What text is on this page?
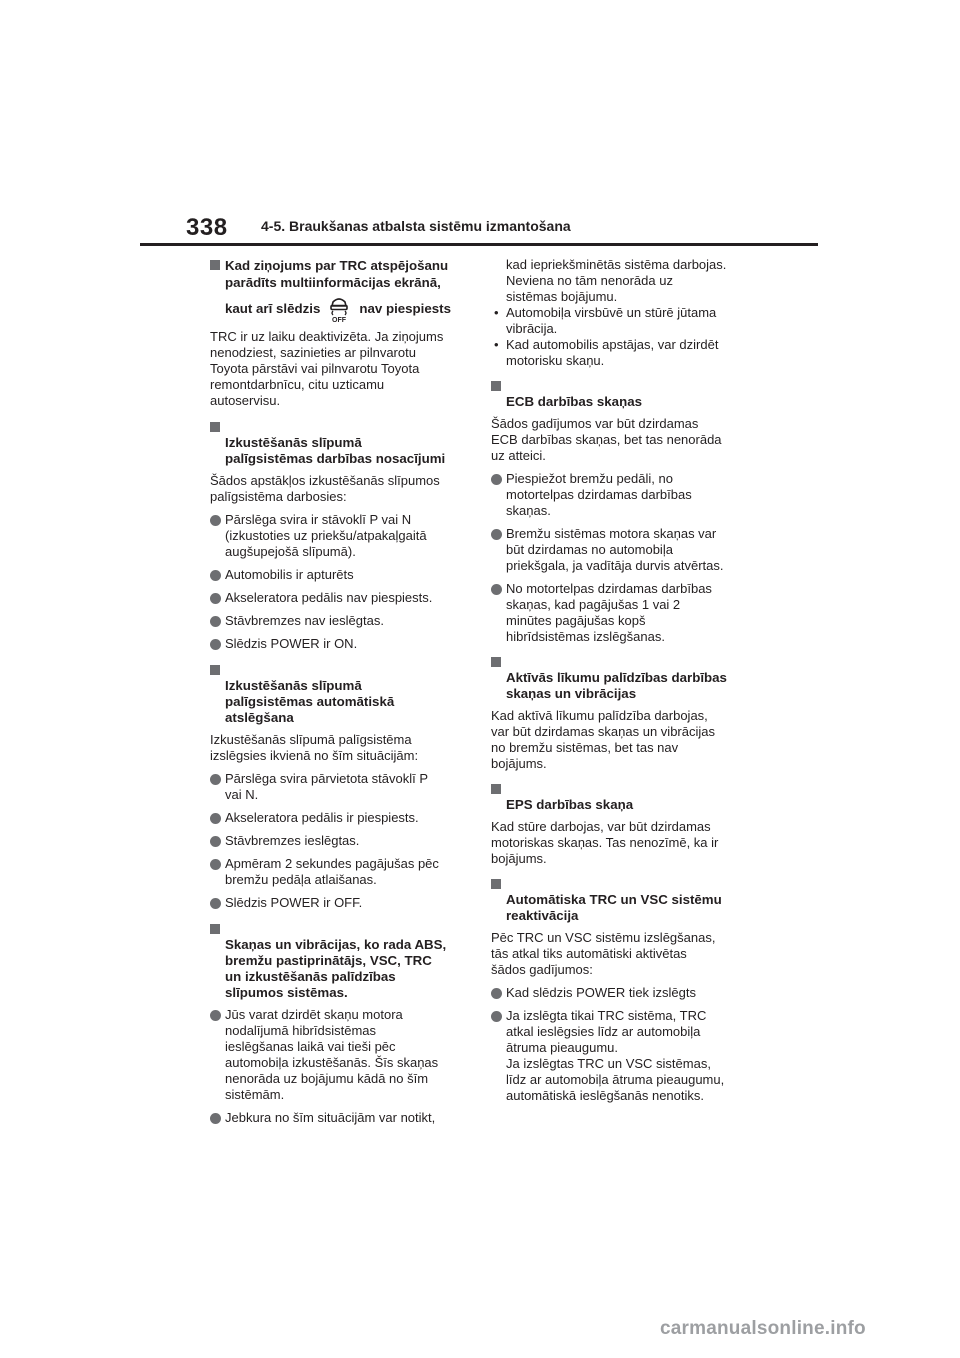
338 4-5. Braukšanas atbalsta sistēmu izmantošana
Kad ziņojums par TRC atspējošanu
parādīts multiinformācijas ekrānā,
kaut arī slēdzis
OFF
nav piespiests
TRC ir uz laiku deaktivizēta. Ja ziņojums
nenodziest, sazinieties ar pilnvarotu
Toyota pārstāvi vai pilnvarotu Toyota
remontdarbnīcu, citu uzticamu
autoservisu.

Izkustēšanās slīpumā
palīgsistēmas darbības nosacījumi

Šādos apstākļos izkustēšanās slīpumos
palīgsistēma darbosies:
Pārslēga svira ir stāvoklī P vai N
(izkustoties uz priekšu/atpakaļgaitā
augšupejošā slīpumā).
Automobilis ir apturēts
Akseleratora pedālis nav piespiests.
Stāvbremzes nav ieslēgtas.
Slēdzis POWER ir ON.

Izkustēšanās slīpumā
palīgsistēmas automātiskā
atslēgšana

Izkustēšanās slīpumā palīgsistēma
izslēgsies ikvienā no šīm situācijām:
Pārslēga svira pārvietota stāvoklī P
vai N.
Akseleratora pedālis ir piespiests.
Stāvbremzes ieslēgtas.
Apmēram 2 sekundes pagājušas pēc
bremžu pedāļa atlaišanas.
Slēdzis POWER ir OFF.

Skaņas un vibrācijas, ko rada ABS,
bremžu pastiprinātājs, VSC, TRC
un izkustēšanās palīdzības
slīpumos sistēmas.

Jūs varat dzirdēt skaņu motora
nodalījumā hibrīdsistēmas
ieslēgšanas laikā vai tieši pēc
automobiļa izkustēšanās. Šīs skaņas
nenorāda uz bojājumu kādā no šīm
sistēmām.
Jebkura no šīm situācijām var notikt,
kad iepriekšminētās sistēma darbojas.
Neviena no tām nenorāda uz
sistēmas bojājumu.
• Automobiļa virsbūvē un stūrē jūtama
vibrācija.
• Kad automobilis apstājas, var dzirdēt
motorisku skaņu.

ECB darbības skaņas

Šādos gadījumos var būt dzirdamas
ECB darbības skaņas, bet tas nenorāda
uz atteici.
Piespiežot bremžu pedāli, no
motortelpas dzirdamas darbības
skaņas.
Bremžu sistēmas motora skaņas var
būt dzirdamas no automobiļa
priekšgala, ja vadītāja durvis atvērtas.
No motortelpas dzirdamas darbības
skaņas, kad pagājušas 1 vai 2
minūtes pagājušas kopš
hibrīdsistēmas izslēgšanas.

Aktīvās līkumu palīdzības darbības
skaņas un vibrācijas

Kad aktīvā līkumu palīdzība darbojas,
var būt dzirdamas skaņas un vibrācijas
no bremžu sistēmas, bet tas nav
bojājums.

EPS darbības skaņa

Kad stūre darbojas, var būt dzirdamas
motoriskas skaņas. Tas nenozīmē, ka ir
bojājums.

Automātiska TRC un VSC sistēmu
reaktivācija

Pēc TRC un VSC sistēmu izslēgšanas,
tās atkal tiks automātiski aktivētas
šādos gadījumos:
Kad slēdzis POWER tiek izslēgts
Ja izslēgta tikai TRC sistēma, TRC
atkal ieslēgsies līdz ar automobiļa
ātruma pieaugumu.
Ja izslēgtas TRC un VSC sistēmas,
līdz ar automobiļa ātruma pieaugumu,
automātiskā ieslēgšanās nenotiks.
carmanualsonline.info
